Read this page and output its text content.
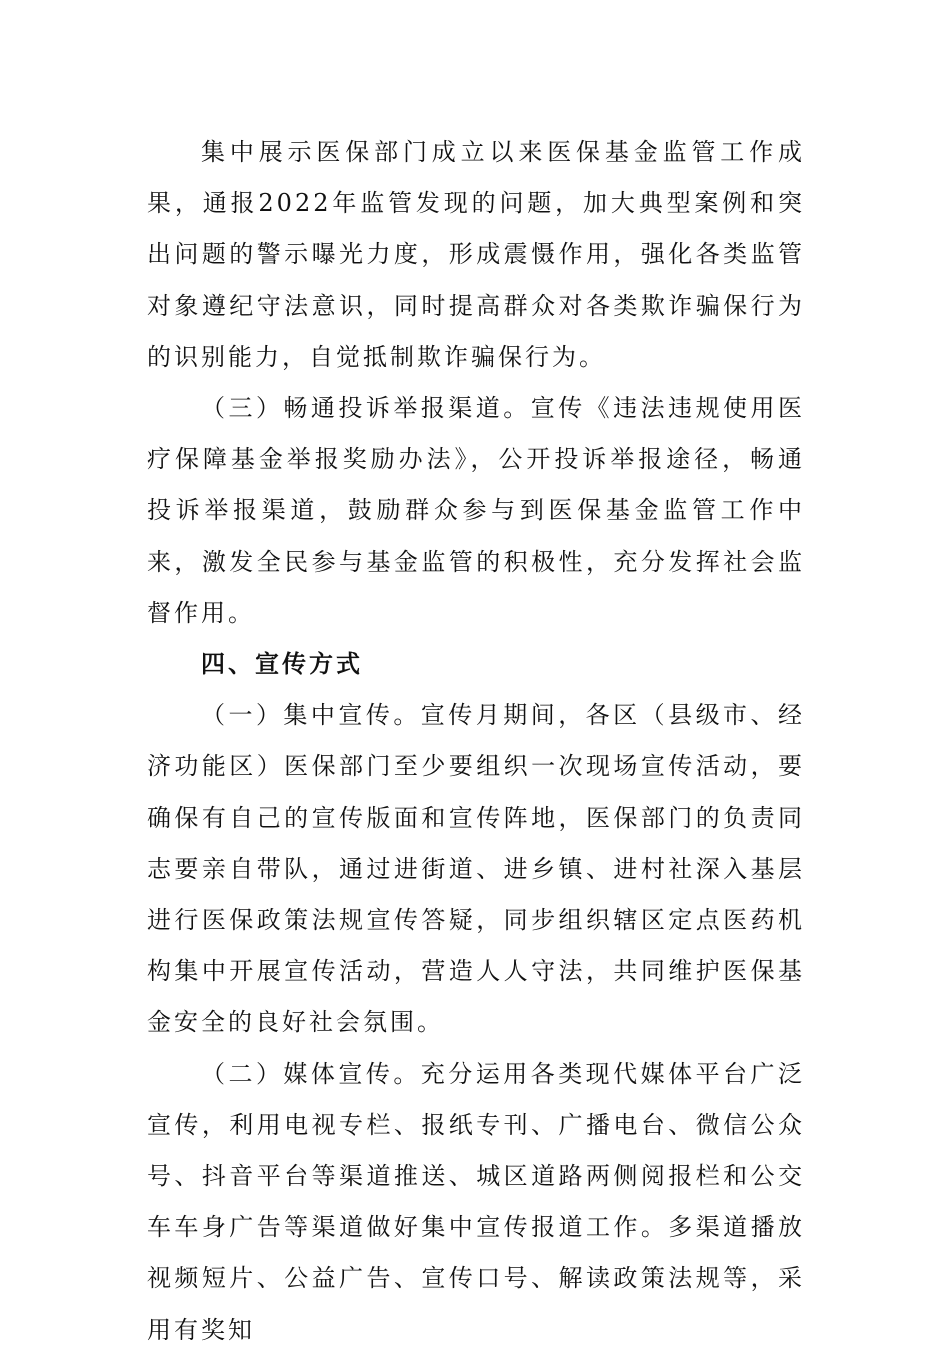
集中展示医保部门成立以来医保基金监管工作成果，通报2022年监管发现的问题，加大典型案例和突出问题的警示曝光力度，形成震慑作用，强化各类监管对象遵纪守法意识，同时提高群众对各类欺诈骗保行为的识别能力，自觉抵制欺诈骗保行为。

（三）畅通投诉举报渠道。宣传《违法违规使用医疗保障基金举报奖励办法》，公开投诉举报途径，畅通投诉举报渠道，鼓励群众参与到医保基金监管工作中来，激发全民参与基金监管的积极性，充分发挥社会监督作用。

四、宣传方式

（一）集中宣传。宣传月期间，各区（县级市、经济功能区）医保部门至少要组织一次现场宣传活动，要确保有自己的宣传版面和宣传阵地，医保部门的负责同志要亲自带队，通过进街道、进乡镇、进村社深入基层进行医保政策法规宣传答疑，同步组织辖区定点医药机构集中开展宣传活动，营造人人守法，共同维护医保基金安全的良好社会氛围。

（二）媒体宣传。充分运用各类现代媒体平台广泛宣传，利用电视专栏、报纸专刊、广播电台、微信公众号、抖音平台等渠道推送、城区道路两侧阅报栏和公交车车身广告等渠道做好集中宣传报道工作。多渠道播放视频短片、公益广告、宣传口号、解读政策法规等，采用有奖知
